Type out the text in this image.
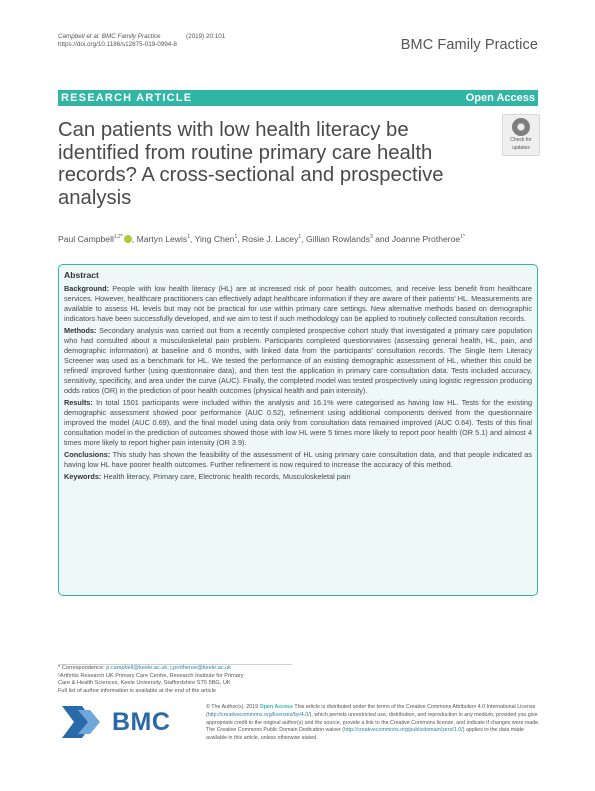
Campbell et al. BMC Family Practice	(2019) 20:101
https://doi.org/10.1186/s12875-019-0994-8	BMC Family Practice
RESEARCH ARTICLE	Open Access
Can patients with low health literacy be identified from routine primary care health records? A cross-sectional and prospective analysis
Check for
updates
Paul Campbell$^{1,2*}$ , Martyn Lewis$^1$, Ying Chen$^1$, Rosie J. Lacey$^1$, Gillian Rowlands$^3$ and Joanne Protheroe$^{1*}$
Abstract

Background: People with low health literacy (HL) are at increased risk of poor health outcomes, and receive less benefit from healthcare services. However, healthcare practitioners can effectively adapt healthcare information if they are aware of their patients' HL. Measurements are available to assess HL levels but may not be practical for use within primary care settings. New alternative methods based on demographic indicators have been successfully developed, and we aim to test if such methodology can be applied to routinely collected consultation records.

Methods: Secondary analysis was carried out from a recently completed prospective cohort study that investigated a primary care population who had consulted about a musculoskeletal pain problem. Participants completed questionnaires (assessing general health, HL, pain, and demographic information) at baseline and 6 months, with linked data from the participants' consultation records. The Single Item Literacy Screener was used as a benchmark for HL. We tested the performance of an existing demographic assessment of HL, whether this could be refined/ improved further (using questionnaire data), and then test the application in primary care consultation data. Tests included accuracy, sensitivity, specificity, and area under the curve (AUC). Finally, the completed model was tested prospectively using logistic regression producing odds ratios (OR) in the prediction of poor health outcomes (physical health and pain intensity).

Results: In total 1501 participants were included within the analysis and 16.1% were categorised as having low HL. Tests for the existing demographic assessment showed poor performance (AUC 0.52), refinement using additional components derived from the questionnaire improved the model (AUC 0.69), and the final model using data only from consultation data remained improved (AUC 0.64). Tests of this final consultation model in the prediction of outcomes showed those with low HL were 5 times more likely to report poor health (OR 5.1) and almost 4 times more likely to report higher pain intensity (OR 3.9).

Conclusions: This study has shown the feasibility of the assessment of HL using primary care consultation data, and that people indicated as having low HL have poorer health outcomes. Further refinement is now required to increase the accuracy of this method.

Keywords: Health literacy, Primary care, Electronic health records, Musculoskeletal pain

* Correspondence: p.campbell@keele.ac.uk; j.protheroe@keele.ac.uk
¹Arthritis Research UK Primary Care Centre, Research Institute for Primary
Care & Health Sciences, Keele University, Staffordshire ST5 5BG, UK
Full list of author information is available at the end of the article
BMC
© The Author(s). 2019 Open Access This article is distributed under the terms of the Creative Commons Attribution 4.0 International License (http://creativecommons.org/licenses/by/4.0/), which permits unrestricted use, distribution, and reproduction in any medium, provided you give appropriate credit to the original author(s) and the source, provide a link to the Creative Commons license, and indicate if changes were made. The Creative Commons Public Domain Dedication waiver (http://creativecommons.org/publicdomain/zero/1.0/) applies to the data made available in this article, unless otherwise stated.
